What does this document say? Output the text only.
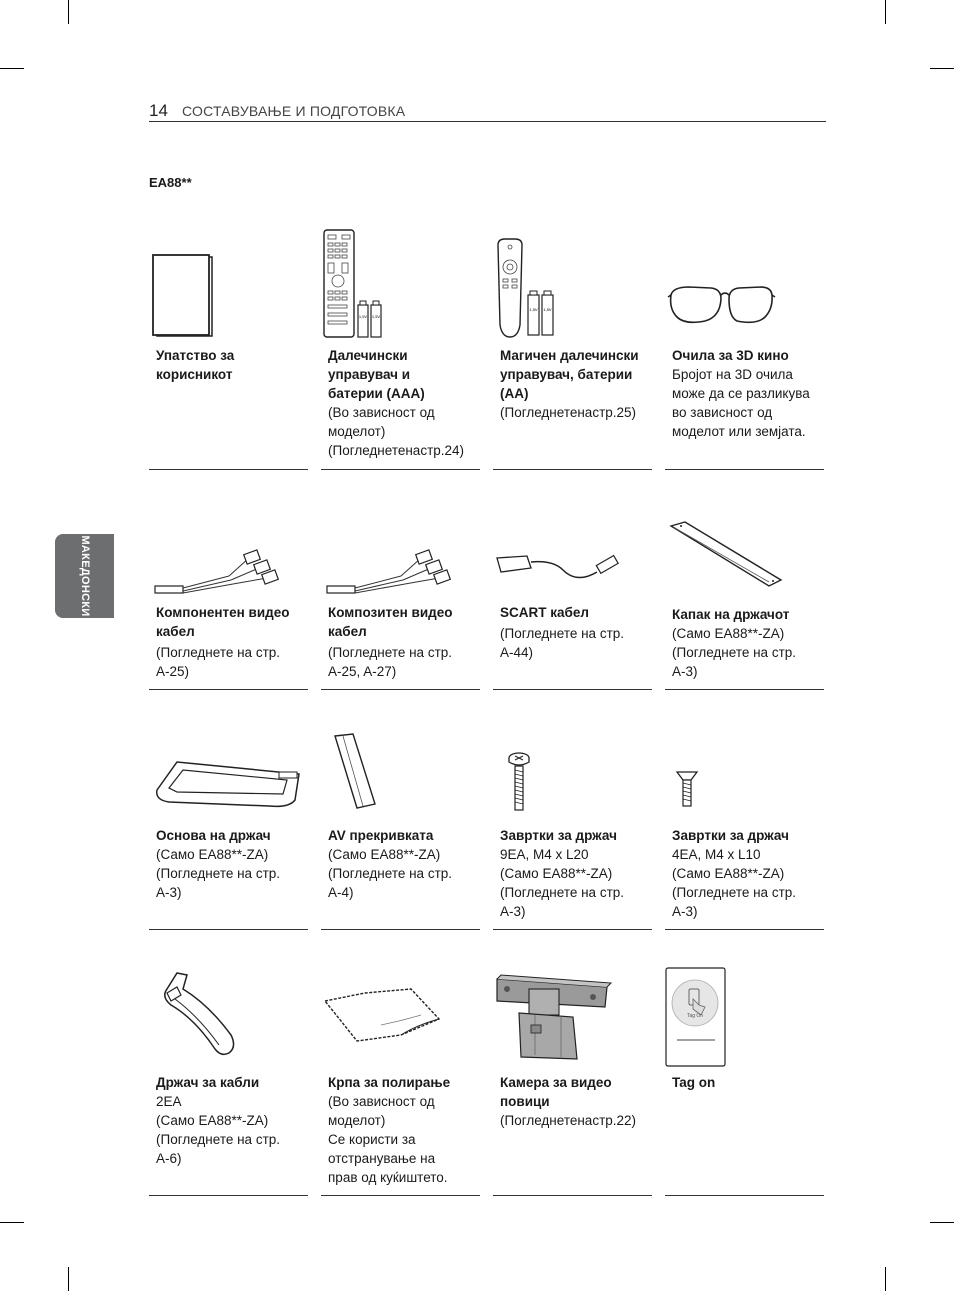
14 СОСТАВУВАЊЕ И ПОДГОТОВКА
EA88**
МАКЕДОНСКИ
Упатство за
корисникот
1,5V 1,5V
Далечински
управувач и
батерии (AAA)
(Во зависност од
моделот)
(Погледнетенастр.24)
1,5V 1,5V
Магичен далечински
управувач, батерии
(AA)
(Погледнетенастр.25)
Очила за 3D кино
Бројот на 3D очила
може да се разликува
во зависност од
моделот или земјата.
Компонентен видео
кабел
(Погледнете на стр.
A-25)
Композитен видео
кабел
(Погледнете на стр.
A-25, A-27)
SCART кабел
(Погледнете на стр.
A-44)
Капак на држачот
(Само EA88**-ZA)
(Погледнете на стр.
A-3)
Основа на држач
(Само EA88**-ZA)
(Погледнете на стр.
A-3)
AV прекривката
(Само EA88**-ZA)
(Погледнете на стр.
A-4)
Завртки за држач
9EA, M4 x L20
(Само EA88**-ZA)
(Погледнете на стр.
A-3)
Завртки за држач
4EA, M4 x L10
(Само EA88**-ZA)
(Погледнете на стр.
A-3)
Држач за кабли
2EA
(Само EA88**-ZA)
(Погледнете на стр.
A-6)
Крпа за полирање
(Во зависност од
моделот)
Се користи за
отстранување на
прав од куќиштето.
Камера за видео
повици
(Погледнетенастр.22)
Tag On
Tag on
